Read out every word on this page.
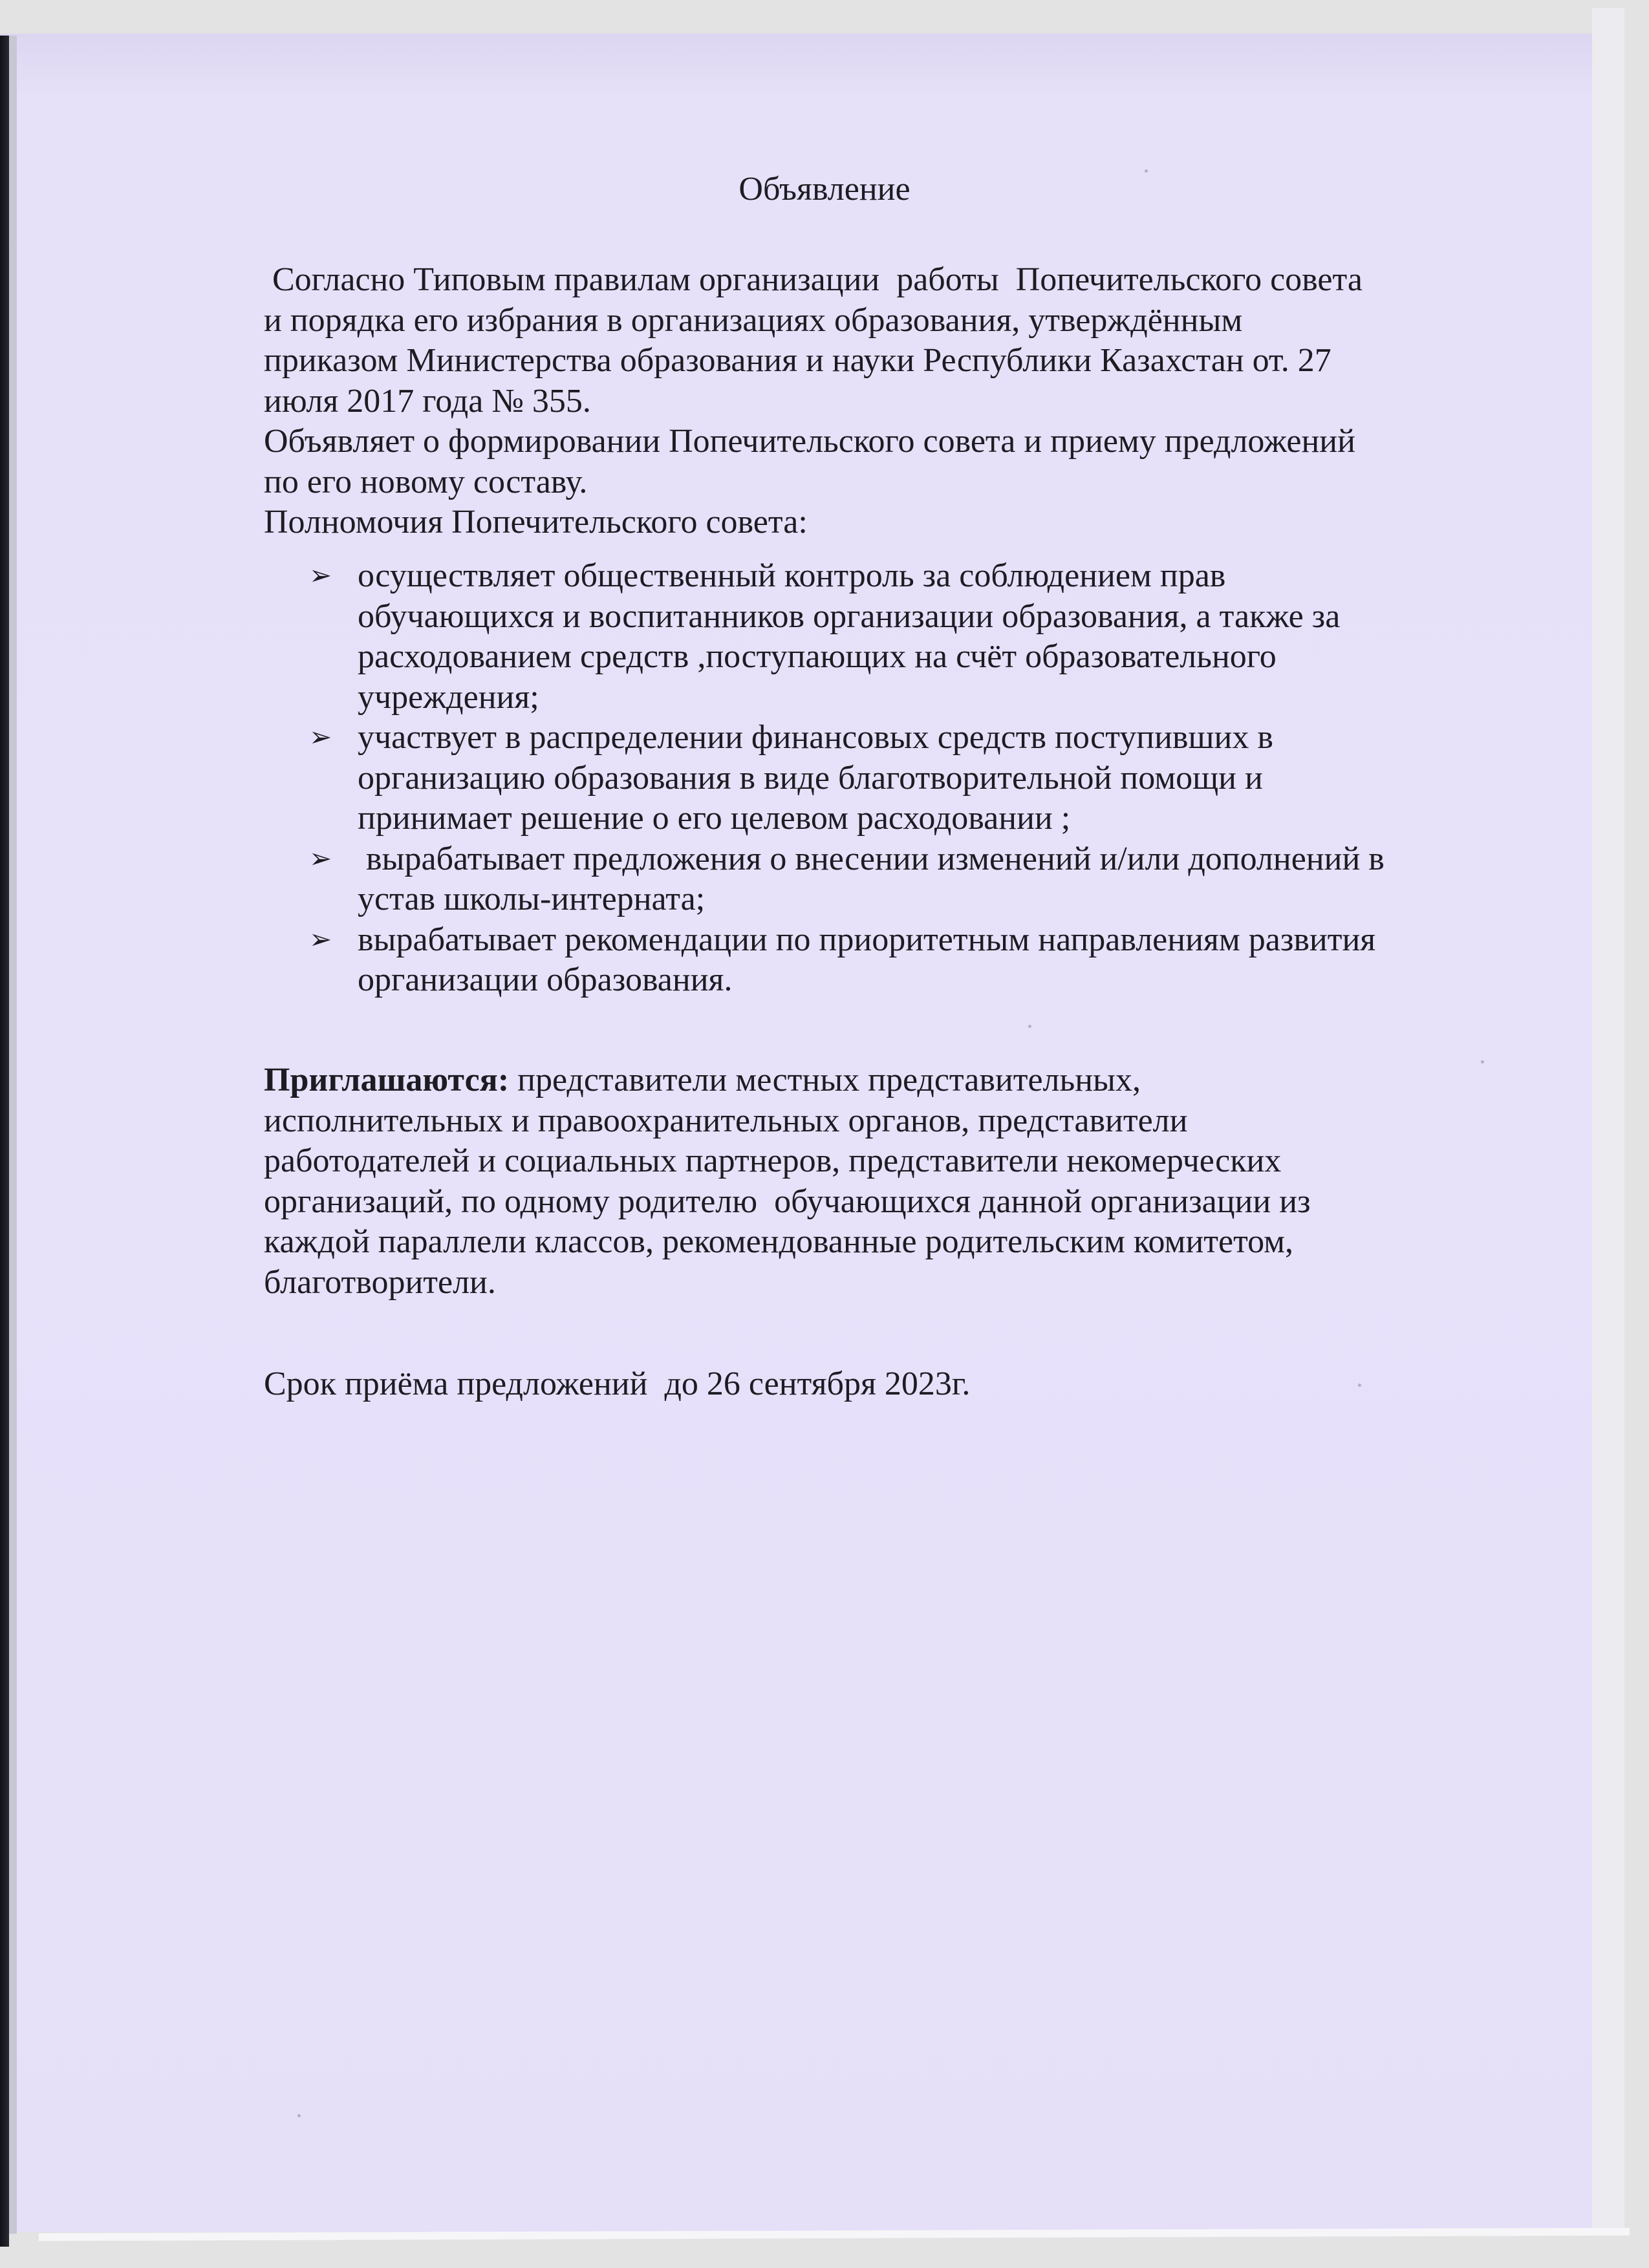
Объявление

Согласно Типовым правилам организации  работы  Попечительского совета

и порядка его избрания в организациях образования, утверждённым

приказом Министерства образования и науки Республики Казахстан от. 27

июля 2017 года № 355.

Объявляет о формировании Попечительского совета и приему предложений

по его новому составу.

Полномочия Попечительского совета:

➢ осуществляет общественный контроль за соблюдением прав
обучающихся и воспитанников организации образования, а также за
расходованием средств ,поступающих на счёт образовательного
учреждения;
➢ участвует в распределении финансовых средств поступивших в
организацию образования в виде благотворительной помощи и
принимает решение о его целевом расходовании ;
➢ вырабатывает предложения о внесении изменений и/или дополнений в
устав школы-интерната;
➢ вырабатывает рекомендации по приоритетным направлениям развития
организации образования.

Приглашаются: представители местных представительных,

исполнительных и правоохранительных органов, представители

работодателей и социальных партнеров, представители некомерческих

организаций, по одному родителю  обучающихся данной организации из

каждой параллели классов, рекомендованные родительским комитетом,

благотворители.

Срок приёма предложений  до 26 сентября 2023г.
